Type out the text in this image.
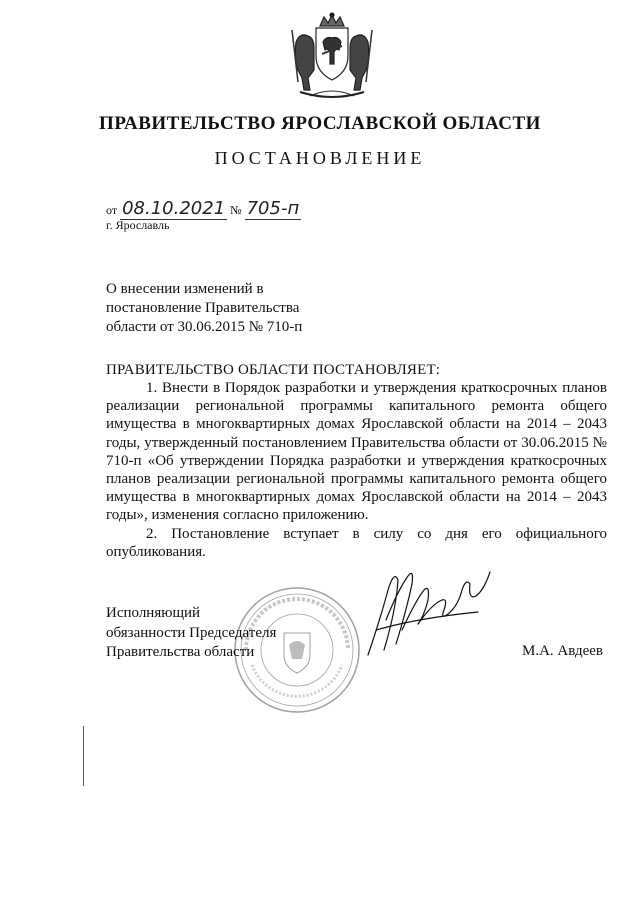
ПРАВИТЕЛЬСТВО ЯРОСЛАВСКОЙ ОБЛАСТИ
ПОСТАНОВЛЕНИЕ
от 08.10.2021 № 705-п
г. Ярославль
О внесении изменений в
постановление Правительства
области от 30.06.2015 № 710-п
ПРАВИТЕЛЬСТВО ОБЛАСТИ ПОСТАНОВЛЯЕТ:

1. Внести в Порядок разработки и утверждения краткосрочных планов реализации региональной программы капитального ремонта общего имущества в многоквартирных домах Ярославской области на 2014 – 2043 годы, утвержденный постановлением Правительства области от 30.06.2015 № 710-п «Об утверждении Порядка разработки и утверждения краткосрочных планов реализации региональной программы капитального ремонта общего имущества в многоквартирных домах Ярославской области на 2014 – 2043 годы», изменения согласно приложению.

2. Постановление вступает в силу со дня его официального опубликования.

Исполняющий
обязанности Председателя
Правительства области	М.А. Авдеев
